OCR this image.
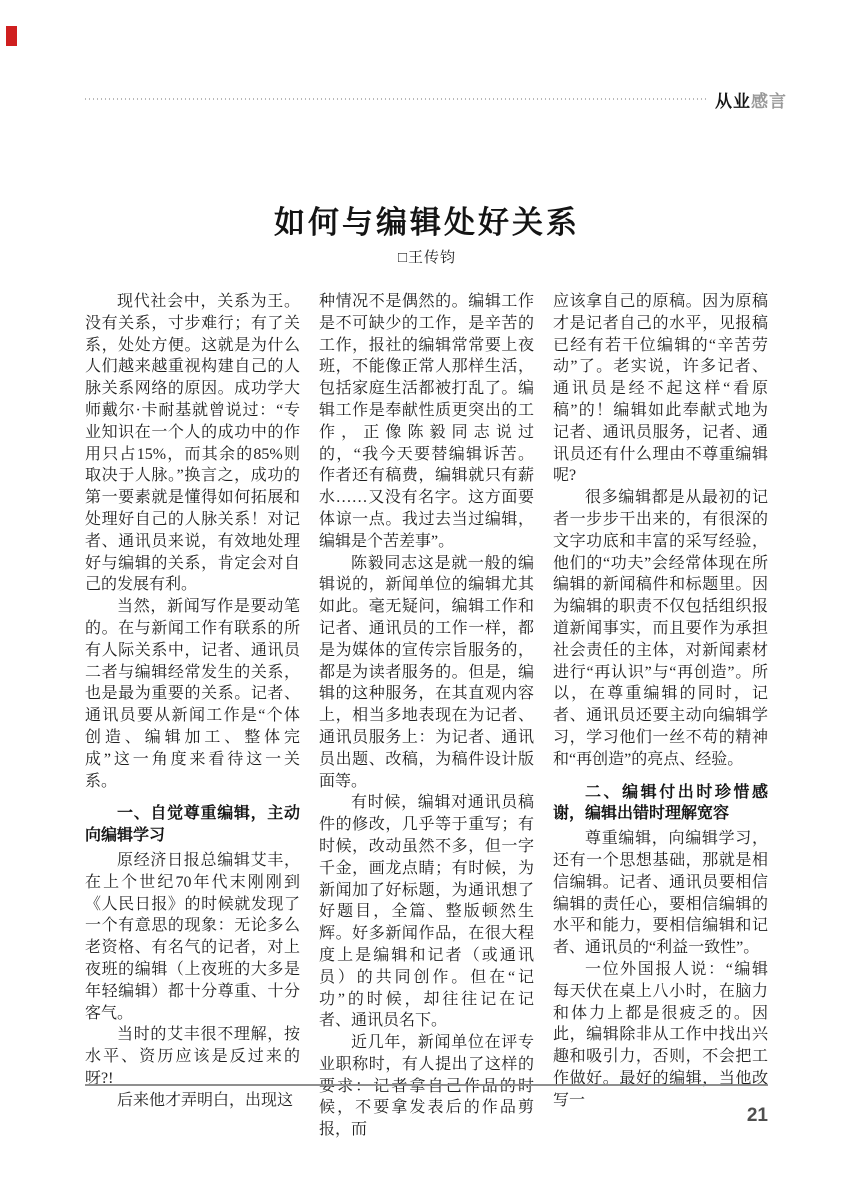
从业感言
如何与编辑处好关系
□王传钧

现代社会中，关系为王。没有关系，寸步难行；有了关系，处处方便。这就是为什么人们越来越重视构建自己的人脉关系网络的原因。成功学大师戴尔·卡耐基就曾说过：“专业知识在一个人的成功中的作用只占15%，而其余的85%则取决于人脉。”换言之，成功的第一要素就是懂得如何拓展和处理好自己的人脉关系！对记者、通讯员来说，有效地处理好与编辑的关系，肯定会对自己的发展有利。

当然，新闻写作是要动笔的。在与新闻工作有联系的所有人际关系中，记者、通讯员二者与编辑经常发生的关系，也是最为重要的关系。记者、通讯员要从新闻工作是“个体创造、编辑加工、整体完成”这一角度来看待这一关系。

一、自觉尊重编辑，主动向编辑学习

原经济日报总编辑艾丰，在上个世纪70年代末刚刚到《人民日报》的时候就发现了一个有意思的现象：无论多么老资格、有名气的记者，对上夜班的编辑（上夜班的大多是年轻编辑）都十分尊重、十分客气。

当时的艾丰很不理解，按水平、资历应该是反过来的呀?!

后来他才弄明白，出现这

种情况不是偶然的。编辑工作是不可缺少的工作，是辛苦的工作，报社的编辑常常要上夜班，不能像正常人那样生活，包括家庭生活都被打乱了。编辑工作是奉献性质更突出的工作，正像陈毅同志说过的，“我今天要替编辑诉苦。作者还有稿费，编辑就只有薪水……又没有名字。这方面要体谅一点。我过去当过编辑，编辑是个苦差事”。

陈毅同志这是就一般的编辑说的，新闻单位的编辑尤其如此。毫无疑问，编辑工作和记者、通讯员的工作一样，都是为媒体的宣传宗旨服务的，都是为读者服务的。但是，编辑的这种服务，在其直观内容上，相当多地表现在为记者、通讯员服务上：为记者、通讯员出题、改稿，为稿件设计版面等。

有时候，编辑对通讯员稿件的修改，几乎等于重写；有时候，改动虽然不多，但一字千金，画龙点睛；有时候，为新闻加了好标题，为通讯想了好题目，全篇、整版顿然生辉。好多新闻作品，在很大程度上是编辑和记者（或通讯员）的共同创作。但在“记功”的时候，却往往记在记者、通讯员名下。

近几年，新闻单位在评专业职称时，有人提出了这样的要求：记者拿自己作品的时候，不要拿发表后的作品剪报，而

应该拿自己的原稿。因为原稿才是记者自己的水平，见报稿已经有若干位编辑的“辛苦劳动”了。老实说，许多记者、通讯员是经不起这样“看原稿”的！编辑如此奉献式地为记者、通讯员服务，记者、通讯员还有什么理由不尊重编辑呢?

很多编辑都是从最初的记者一步步干出来的，有很深的文字功底和丰富的采写经验，他们的“功夫”会经常体现在所编辑的新闻稿件和标题里。因为编辑的职责不仅包括组织报道新闻事实，而且要作为承担社会责任的主体，对新闻素材进行“再认识”与“再创造”。所以，在尊重编辑的同时，记者、通讯员还要主动向编辑学习，学习他们一丝不苟的精神和“再创造”的亮点、经验。

二、编辑付出时珍惜感谢，编辑出错时理解宽容

尊重编辑，向编辑学习，还有一个思想基础，那就是相信编辑。记者、通讯员要相信编辑的责任心，要相信编辑的水平和能力，要相信编辑和记者、通讯员的“利益一致性”。

一位外国报人说：“编辑每天伏在桌上八小时，在脑力和体力上都是很疲乏的。因此，编辑除非从工作中找出兴趣和吸引力，否则，不会把工作做好。最好的编辑，当他改写一

21
